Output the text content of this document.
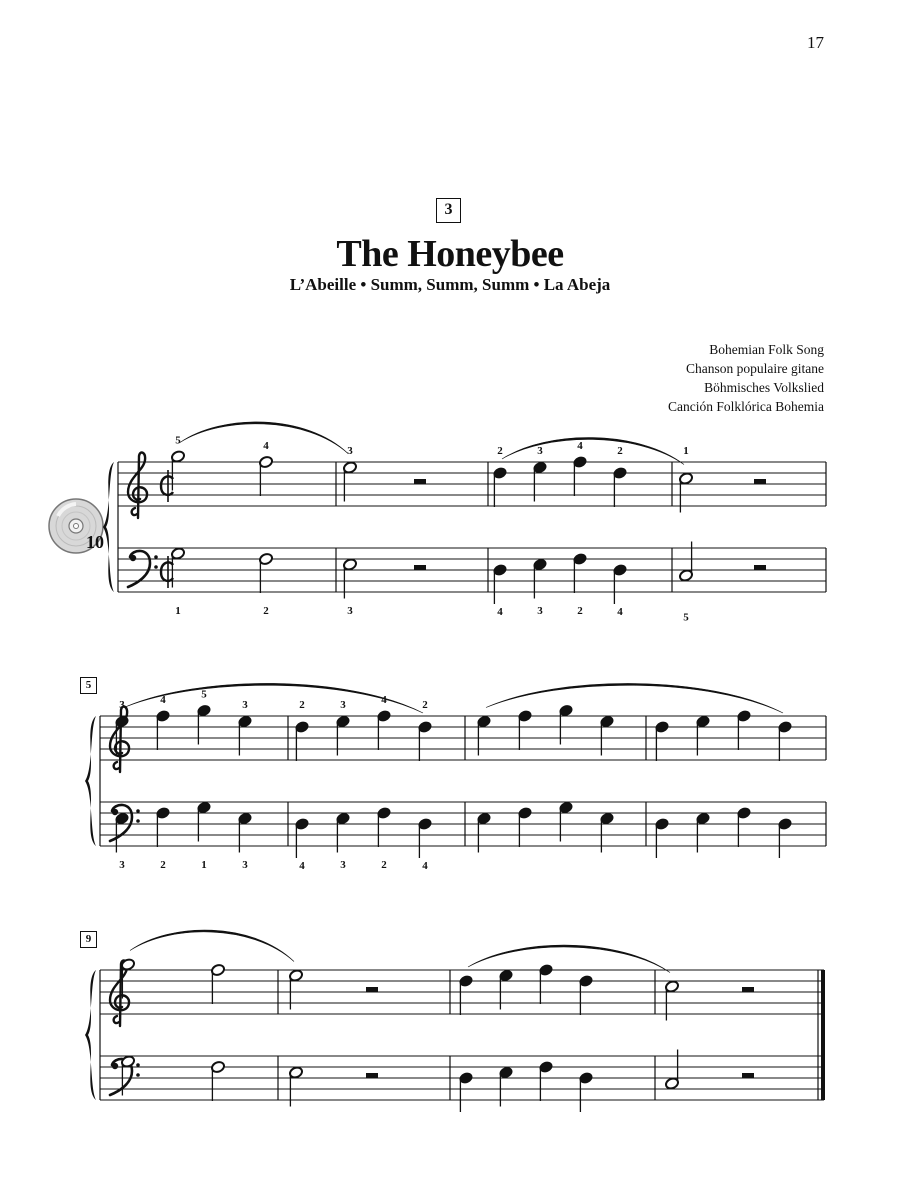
17
3
The Honeybee
L’Abeille • Summ, Summ, Summ • La Abeja
Bohemian Folk Song
Chanson populaire gitane
Böhmisches Volkslied
Canción Folklórica Bohemia
10
5
9
5	4
1	2
3
3
2	3	4	2
4	3	2	4
1
5
3	4	5
3
3	2	1	3
2	3	4	2
4	3	2	4
